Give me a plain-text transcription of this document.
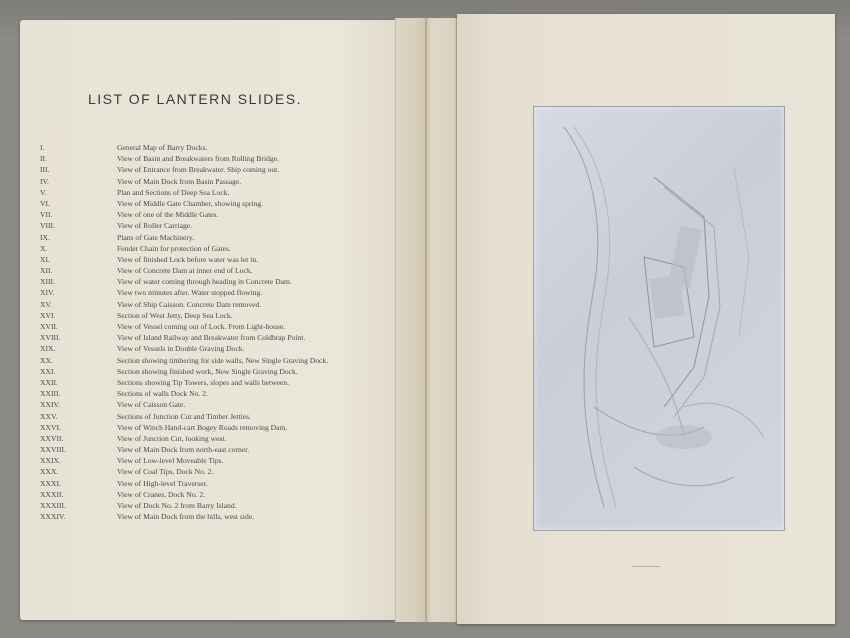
LIST OF LANTERN SLIDES.
I.	General Map of Barry Docks.
II.	View of Basin and Breakwaters from Rolling Bridge.
III.	View of Entrance from Breakwater. Ship coming out.
IV.	View of Main Dock from Basin Passage.
V.	Plan and Sections of Deep Sea Lock.
VI.	View of Middle Gate Chamber, showing spring.
VII.	View of one of the Middle Gates.
VIII.	View of Roller Carriage.
IX.	Plans of Gate Machinery.
X.	Fender Chain for protection of Gates.
XI.	View of finished Lock before water was let in.
XII.	View of Concrete Dam at inner end of Lock.
XIII.	View of water coming through heading in Concrete Dam.
XIV.	View two minutes after. Water stopped flowing.
XV.	View of Ship Caisson. Concrete Dam removed.
XVI.	Section of West Jetty, Deep Sea Lock.
XVII.	View of Vessel coming out of Lock. From Light-house.
XVIII.	View of Island Railway and Breakwater from Coldbrap Point.
XIX.	View of Vessels in Double Graving Dock.
XX.	Section showing timbering for side walls, New Single Graving Dock.
XXI.	Section showing finished work, New Single Graving Dock.
XXII.	Sections showing Tip Towers, slopes and walls between.
XXIII.	Sections of walls Dock No. 2.
XXIV.	View of Caisson Gate.
XXV.	Sections of Junction Cut and Timber Jetties.
XXVI.	View of Winch Hand-cart Bogey Roads removing Dam.
XXVII.	View of Junction Cut, looking west.
XXVIII.	View of Main Dock from north-east corner.
XXIX.	View of Low-level Moveable Tips.
XXX.	View of Coal Tips, Dock No. 2.
XXXI.	View of High-level Traverser.
XXXII.	View of Cranes, Dock No. 2.
XXXIII.	View of Dock No. 2 from Barry Island.
XXXIV.	View of Main Dock from the hills, west side.
